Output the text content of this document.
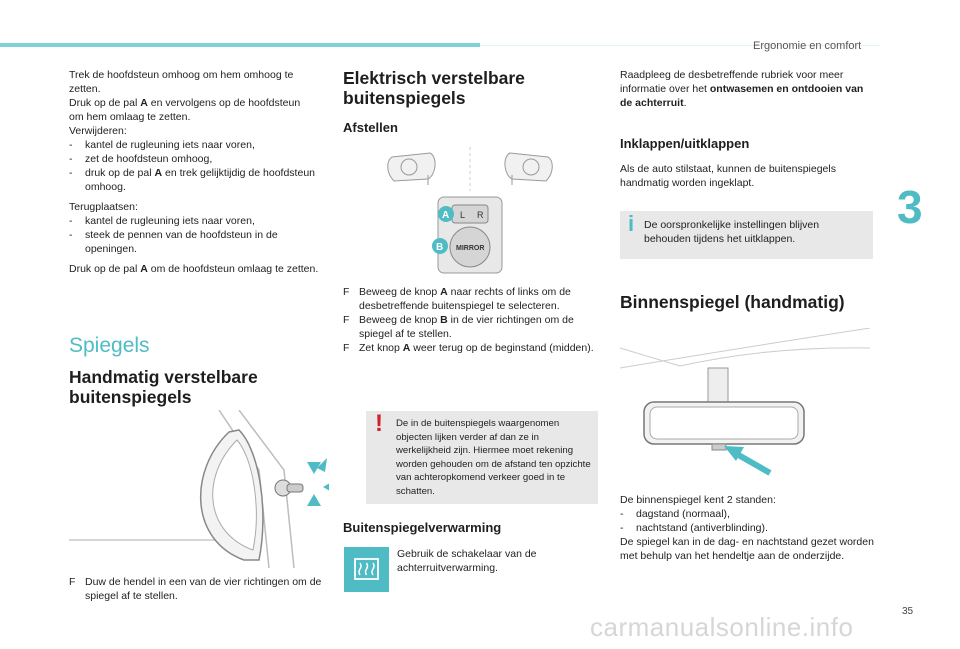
Ergonomie en comfort
3

Trek de hoofdsteun omhoog om hem omhoog te
zetten.
Druk op de pal A en vervolgens op de hoofdsteun
om hem omlaag te zetten.
Verwijderen:
- kantel de rugleuning iets naar voren,
- zet de hoofdsteun omhoog,
- druk op de pal A en trek gelijktijdig de hoofdsteun omhoog.

Terugplaatsen:
- kantel de rugleuning iets naar voren,
- steek de pennen van de hoofdsteun in de openingen.

Druk op de pal A om de hoofdsteun omlaag te zetten.

Spiegels
Handmatig verstelbare buitenspiegels
F Duw de hendel in een van de vier richtingen om de spiegel af te stellen.
Elektrisch verstelbare buitenspiegels
Afstellen
L R
MIRROR
A
B
F Beweeg de knop A naar rechts of links om de desbetreffende buitenspiegel te selecteren.
F Beweeg de knop B in de vier richtingen om de spiegel af te stellen.
F Zet knop A weer terug op de beginstand (midden).
! De in de buitenspiegels waargenomen objecten lijken verder af dan ze in werkelijkheid zijn. Hiermee moet rekening worden gehouden om de afstand ten opzichte van achteropkomend verkeer goed in te schatten.
Buitenspiegelverwarming
Gebruik de schakelaar van de achterruitverwarming.

Raadpleeg de desbetreffende rubriek voor meer informatie over het ontwasemen en ontdooien van de achterruit.

Inklappen/uitklappen

Als de auto stilstaat, kunnen de buitenspiegels handmatig worden ingeklapt.

i De oorspronkelijke instellingen blijven behouden tijdens het uitklappen.
Binnenspiegel (handmatig)
De binnenspiegel kent 2 standen:
- dagstand (normaal),
- nachtstand (antiverblinding).
De spiegel kan in de dag- en nachtstand gezet worden met behulp van het hendeltje aan de onderzijde.
carmanualsonline.info
35
